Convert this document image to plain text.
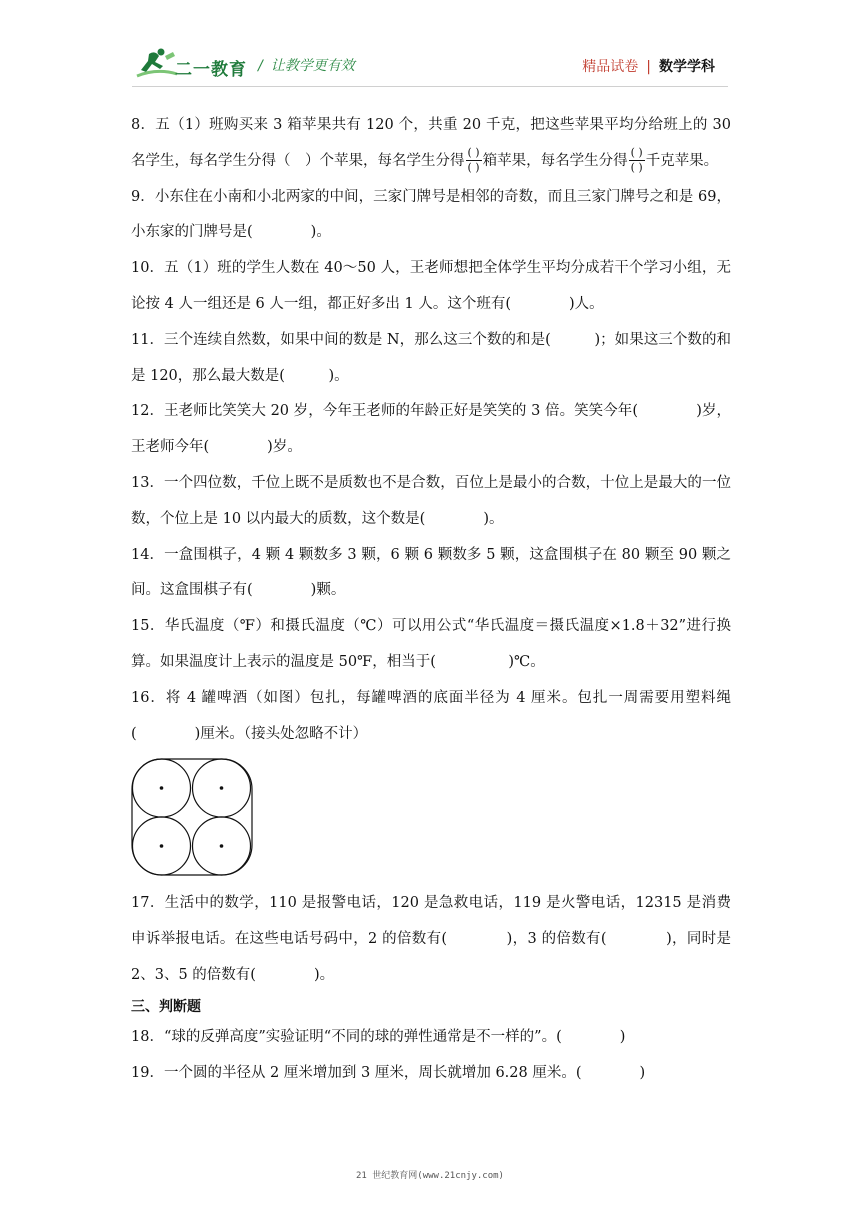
二一教育 / 让教学更有效	精品试卷 | 数学学科

8．五（1）班购买来 3 箱苹果共有 120 个，共重 20 千克，把这些苹果平均分给班上的 30 名学生，每名学生分得（　）个苹果，每名学生分得 $\frac{( )}{( )}$ 箱苹果，每名学生分得 $\frac{( )}{( )}$ 千克苹果。

9．小东住在小南和小北两家的中间，三家门牌号是相邻的奇数，而且三家门牌号之和是 69，小东家的门牌号是(　　　　)。

10．五（1）班的学生人数在 40～50 人，王老师想把全体学生平均分成若干个学习小组，无论按 4 人一组还是 6 人一组，都正好多出 1 人。这个班有(　　　　)人。

11．三个连续自然数，如果中间的数是 N，那么这三个数的和是(　　　)；如果这三个数的和是 120，那么最大数是(　　　)。

12．王老师比笑笑大 20 岁，今年王老师的年龄正好是笑笑的 3 倍。笑笑今年(　　　　)岁，王老师今年(　　　　)岁。

13．一个四位数，千位上既不是质数也不是合数，百位上是最小的合数，十位上是最大的一位数，个位上是 10 以内最大的质数，这个数是(　　　　)。

14．一盒围棋子，4 颗 4 颗数多 3 颗，6 颗 6 颗数多 5 颗，这盒围棋子在 80 颗至 90 颗之间。这盒围棋子有(　　　　)颗。

15．华氏温度（℉）和摄氏温度（℃）可以用公式“华氏温度＝摄氏温度×1.8＋32”进行换算。如果温度计上表示的温度是 50℉，相当于(　　　　　)℃。

16．将 4 罐啤酒（如图）包扎，每罐啤酒的底面半径为 4 厘米。包扎一周需要用塑料绳(　　　　)厘米。（接头处忽略不计）

17．生活中的数学，110 是报警电话，120 是急救电话，119 是火警电话，12315 是消费申诉举报电话。在这些电话号码中，2 的倍数有(　　　　)，3 的倍数有(　　　　)，同时是 2、3、5 的倍数有(　　　　)。

三、判断题

18．“球的反弹高度”实验证明“不同的球的弹性通常是不一样的”。(　　　　)

19．一个圆的半径从 2 厘米增加到 3 厘米，周长就增加 6.28 厘米。(　　　　)

21 世纪教育网(www.21cnjy.com)
